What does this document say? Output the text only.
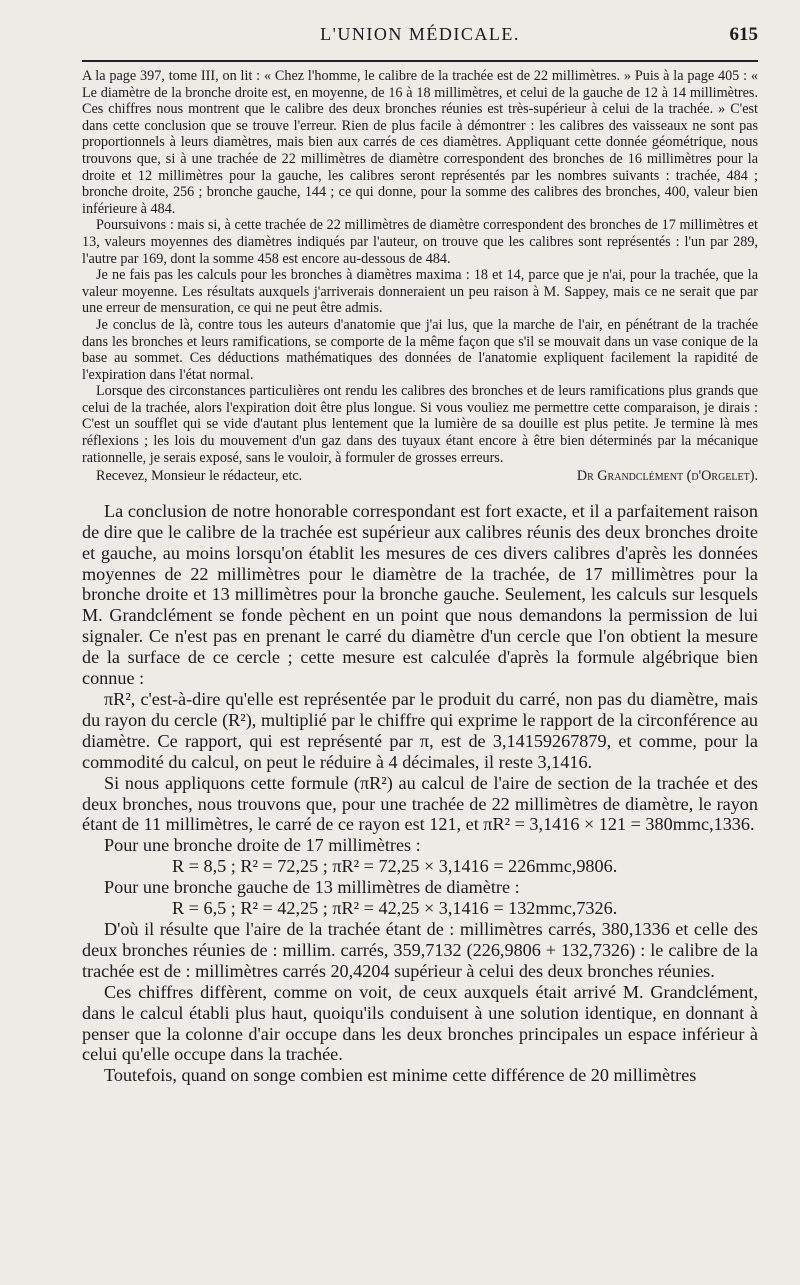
L'UNION MÉDICALE.	615

A la page 397, tome III, on lit : « Chez l'homme, le calibre de la trachée est de 22 millimètres. » Puis à la page 405 : « Le diamètre de la bronche droite est, en moyenne, de 16 à 18 millimètres, et celui de la gauche de 12 à 14 millimètres. Ces chiffres nous montrent que le calibre des deux bronches réunies est très-supérieur à celui de la trachée. » C'est dans cette conclusion que se trouve l'erreur. Rien de plus facile à démontrer : les calibres des vaisseaux ne sont pas proportionnels à leurs diamètres, mais bien aux carrés de ces diamètres. Appliquant cette donnée géométrique, nous trouvons que, si à une trachée de 22 millimètres de diamètre correspondent des bronches de 16 millimètres pour la droite et 12 millimètres pour la gauche, les calibres seront représentés par les nombres suivants : trachée, 484 ; bronche droite, 256 ; bronche gauche, 144 ; ce qui donne, pour la somme des calibres des bronches, 400, valeur bien inférieure à 484.

Poursuivons : mais si, à cette trachée de 22 millimètres de diamètre correspondent des bronches de 17 millimètres et 13, valeurs moyennes des diamètres indiqués par l'auteur, on trouve que les calibres sont représentés : l'un par 289, l'autre par 169, dont la somme 458 est encore au-dessous de 484.

Je ne fais pas les calculs pour les bronches à diamètres maxima : 18 et 14, parce que je n'ai, pour la trachée, que la valeur moyenne. Les résultats auxquels j'arriverais donneraient un peu raison à M. Sappey, mais ce ne serait que par une erreur de mensuration, ce qui ne peut être admis.

Je conclus de là, contre tous les auteurs d'anatomie que j'ai lus, que la marche de l'air, en pénétrant de la trachée dans les bronches et leurs ramifications, se comporte de la même façon que s'il se mouvait dans un vase conique de la base au sommet. Ces déductions mathématiques des données de l'anatomie expliquent facilement la rapidité de l'expiration dans l'état normal.

Lorsque des circonstances particulières ont rendu les calibres des bronches et de leurs ramifications plus grands que celui de la trachée, alors l'expiration doit être plus longue. Si vous vouliez me permettre cette comparaison, je dirais : C'est un soufflet qui se vide d'autant plus lentement que la lumière de sa douille est plus petite. Je termine là mes réflexions ; les lois du mouvement d'un gaz dans des tuyaux étant encore à être bien déterminés par la mécanique rationnelle, je serais exposé, sans le vouloir, à formuler de grosses erreurs.

Recevez, Monsieur le rédacteur, etc.	Dr Grandclément (d'Orgelet).

La conclusion de notre honorable correspondant est fort exacte, et il a parfaitement raison de dire que le calibre de la trachée est supérieur aux calibres réunis des deux bronches droite et gauche, au moins lorsqu'on établit les mesures de ces divers calibres d'après les données moyennes de 22 millimètres pour le diamètre de la trachée, de 17 millimètres pour la bronche droite et 13 millimètres pour la bronche gauche. Seulement, les calculs sur lesquels M. Grandclément se fonde pèchent en un point que nous demandons la permission de lui signaler. Ce n'est pas en prenant le carré du diamètre d'un cercle que l'on obtient la mesure de la surface de ce cercle ; cette mesure est calculée d'après la formule algébrique bien connue :

πR², c'est-à-dire qu'elle est représentée par le produit du carré, non pas du diamètre, mais du rayon du cercle (R²), multiplié par le chiffre qui exprime le rapport de la circonférence au diamètre. Ce rapport, qui est représenté par π, est de 3,14159267879, et comme, pour la commodité du calcul, on peut le réduire à 4 décimales, il reste 3,1416.

Si nous appliquons cette formule (πR²) au calcul de l'aire de section de la trachée et des deux bronches, nous trouvons que, pour une trachée de 22 millimètres de diamètre, le rayon étant de 11 millimètres, le carré de ce rayon est 121, et πR² = 3,1416 × 121 = 380mmc,1336.

Pour une bronche droite de 17 millimètres :

R = 8,5 ; R² = 72,25 ; πR² = 72,25 × 3,1416 = 226mmc,9806.

Pour une bronche gauche de 13 millimètres de diamètre :

R = 6,5 ; R² = 42,25 ; πR² = 42,25 × 3,1416 = 132mmc,7326.

D'où il résulte que l'aire de la trachée étant de : millimètres carrés, 380,1336 et celle des deux bronches réunies de : millim. carrés, 359,7132 (226,9806 + 132,7326) : le calibre de la trachée est de : millimètres carrés 20,4204 supérieur à celui des deux bronches réunies.

Ces chiffres diffèrent, comme on voit, de ceux auxquels était arrivé M. Grandclément, dans le calcul établi plus haut, quoiqu'ils conduisent à une solution identique, en donnant à penser que la colonne d'air occupe dans les deux bronches principales un espace inférieur à celui qu'elle occupe dans la trachée.

Toutefois, quand on songe combien est minime cette différence de 20 millimètres
